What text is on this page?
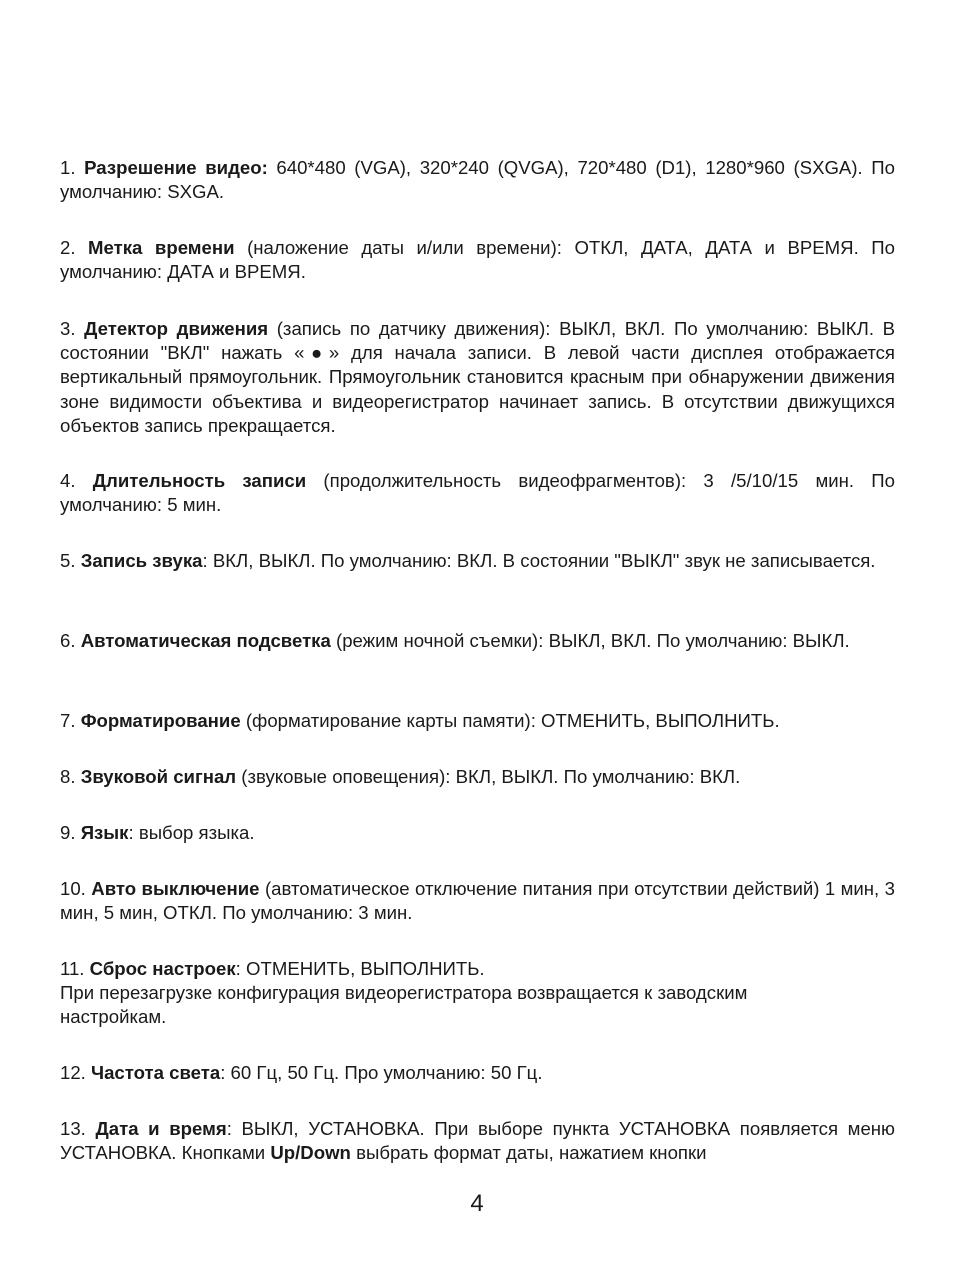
1. Разрешение видео: 640*480 (VGA), 320*240 (QVGA), 720*480 (D1), 1280*960 (SXGA). По умолчанию: SXGA.

2. Метка времени (наложение даты и/или времени): ОТКЛ, ДАТА, ДАТА и ВРЕМЯ. По умолчанию: ДАТА и ВРЕМЯ.

3. Детектор движения (запись по датчику движения): ВЫКЛ, ВКЛ. По умолчанию: ВЫКЛ. В состоянии "ВКЛ" нажать «●» для начала записи. В левой части дисплея отображается вертикальный прямоугольник. Прямоугольник становится красным при обнаружении движения зоне видимости объектива и видеорегистратор начинает запись. В отсутствии движущихся объектов запись прекращается.

4. Длительность записи (продолжительность видеофрагментов): 3 /5/10/15 мин. По умолчанию: 5 мин.

5. Запись звука: ВКЛ, ВЫКЛ. По умолчанию: ВКЛ. В состоянии "ВЫКЛ" звук не записывается.

6. Автоматическая подсветка (режим ночной съемки): ВЫКЛ, ВКЛ. По умолчанию: ВЫКЛ.

7. Форматирование (форматирование карты памяти): ОТМЕНИТЬ, ВЫПОЛНИТЬ.

8. Звуковой сигнал (звуковые оповещения): ВКЛ, ВЫКЛ. По умолчанию: ВКЛ.

9. Язык: выбор языка.

10. Авто выключение (автоматическое отключение питания при отсутствии действий) 1 мин, 3 мин, 5 мин, ОТКЛ. По умолчанию: 3 мин.

11. Сброс настроек: ОТМЕНИТЬ, ВЫПОЛНИТЬ.

При перезагрузке конфигурация видеорегистратора возвращается к заводским настройкам.

12. Частота света: 60 Гц, 50 Гц. Про умолчанию: 50 Гц.

13. Дата и время: ВЫКЛ, УСТАНОВКА. При выборе пункта УСТАНОВКА появляется меню УСТАНОВКА. Кнопками Up/Down выбрать формат даты, нажатием кнопки

4
